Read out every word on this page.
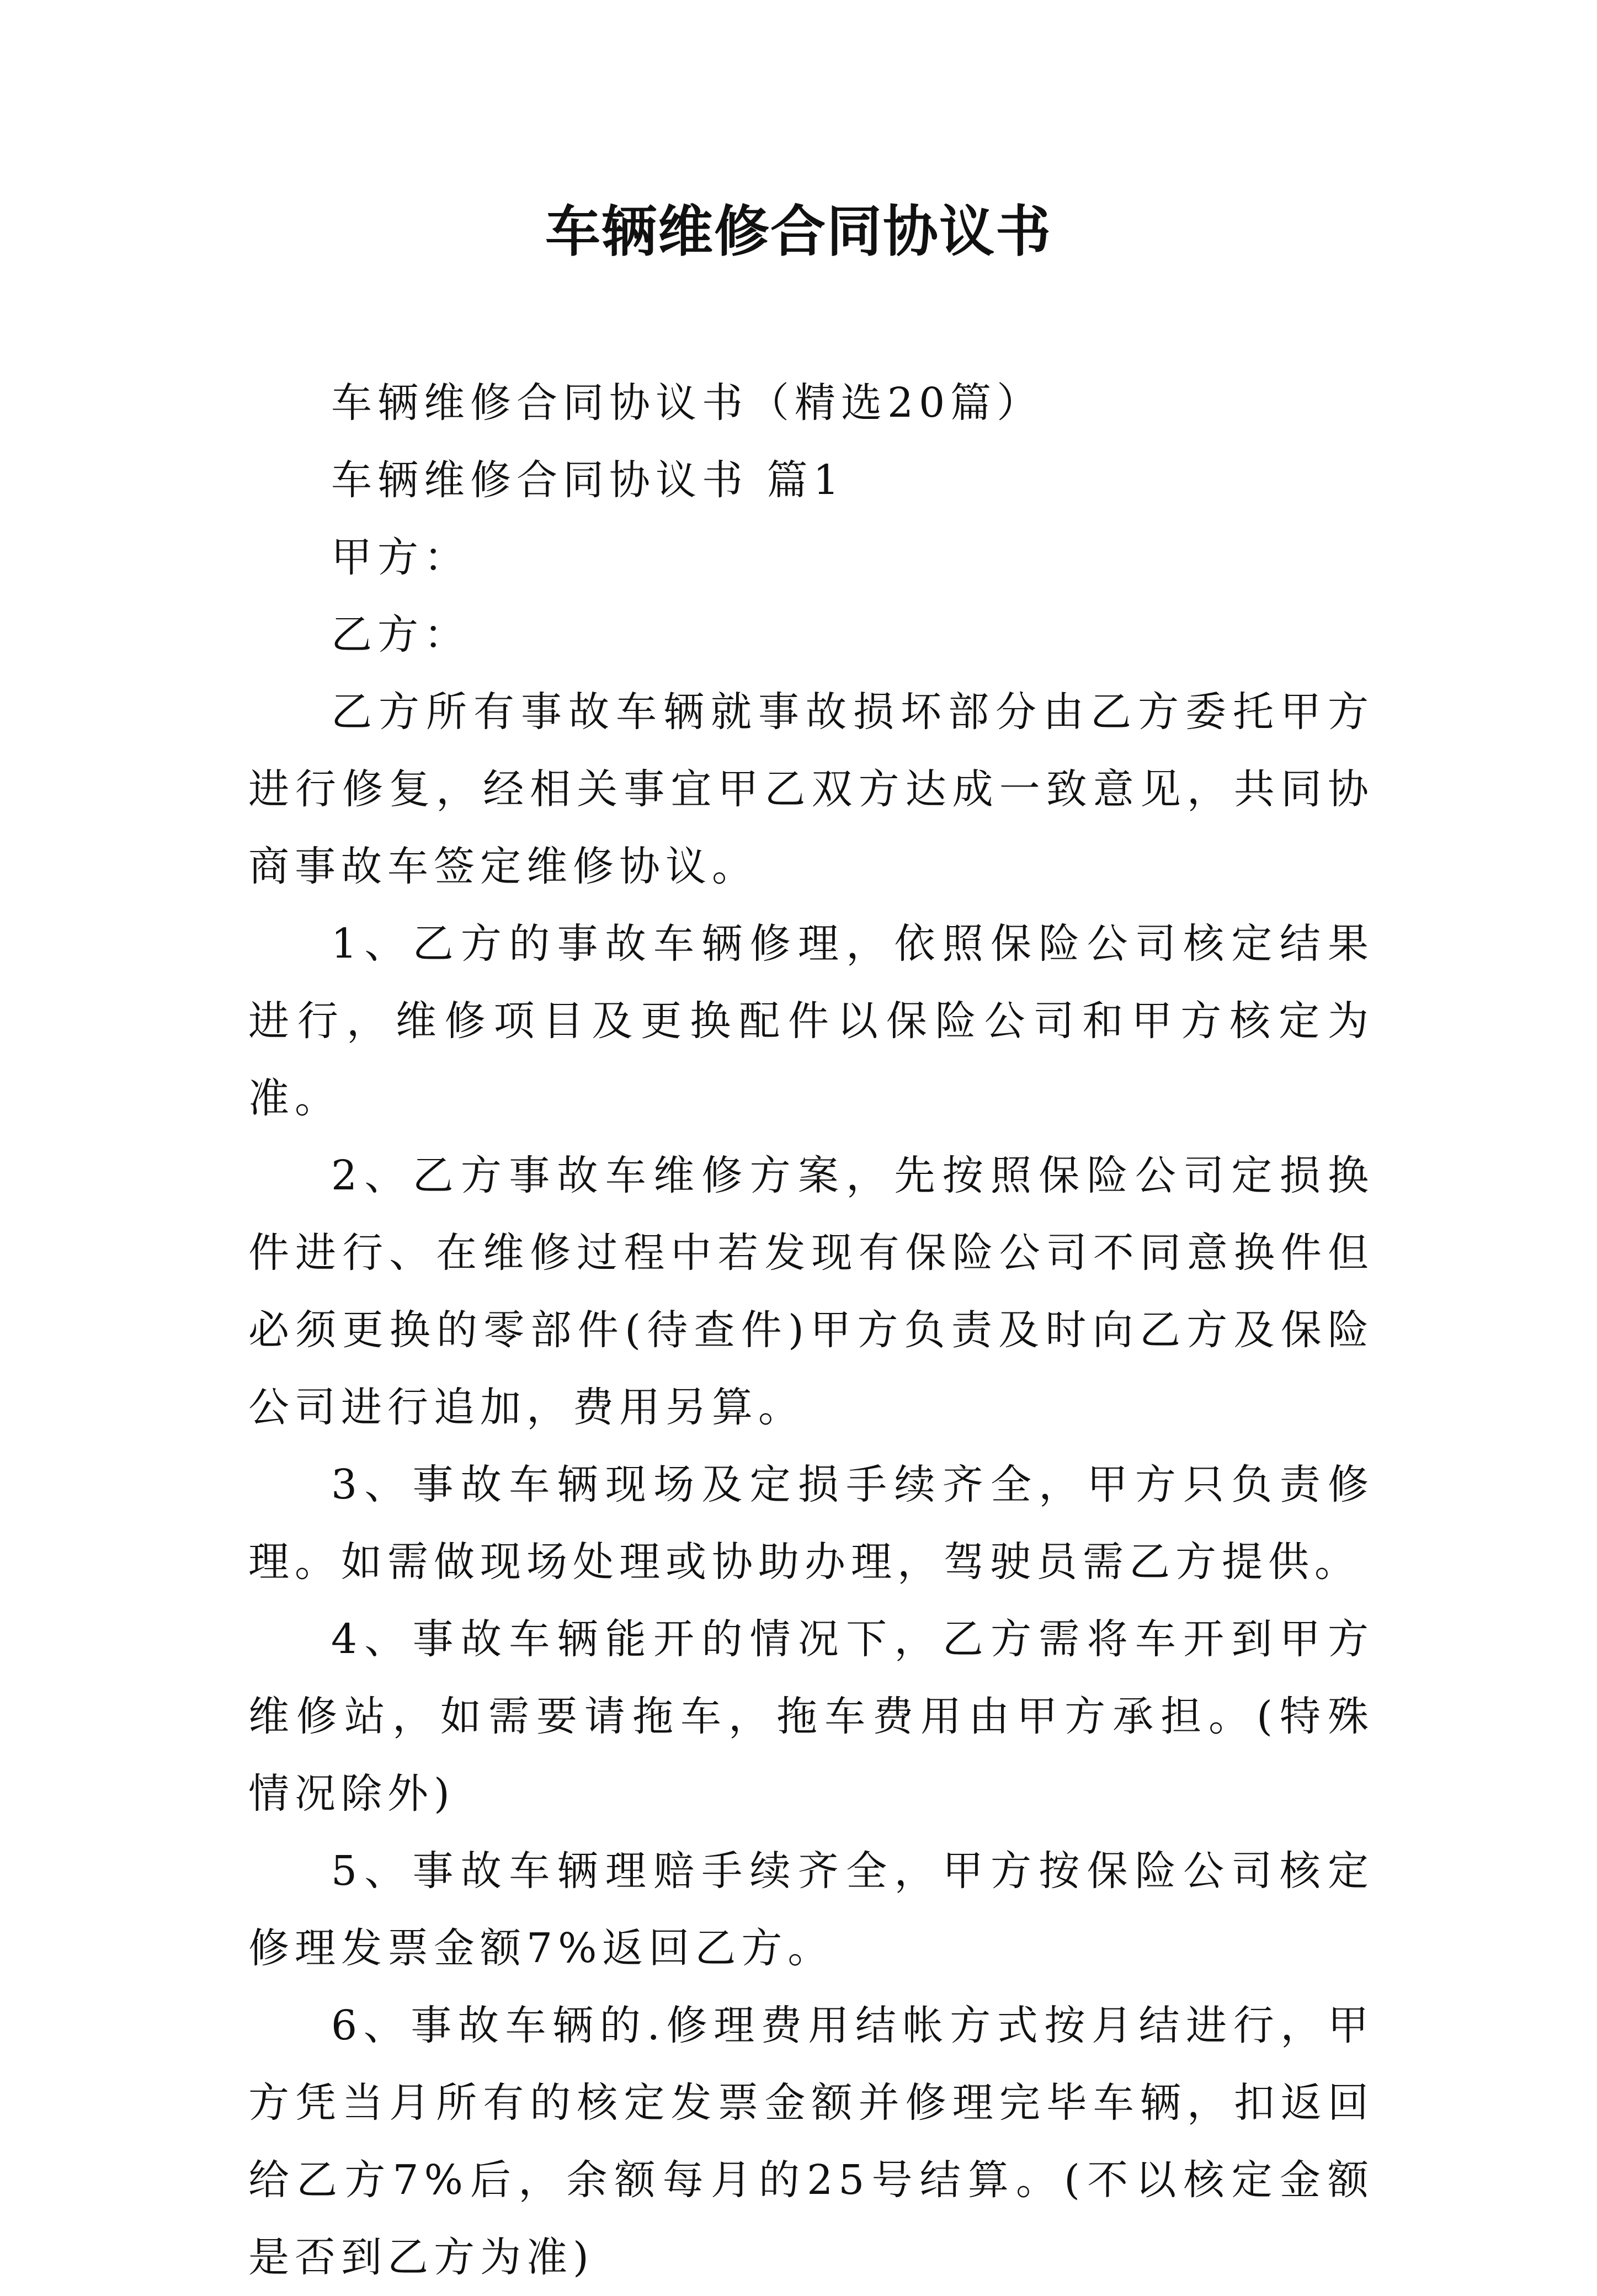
车辆维修合同协议书

车辆维修合同协议书（精选20篇）

车辆维修合同协议书 篇1

甲方：

乙方：

乙方所有事故车辆就事故损坏部分由乙方委托甲方进行修复，经相关事宜甲乙双方达成一致意见，共同协商事故车签定维修协议。

1、乙方的事故车辆修理，依照保险公司核定结果进行，维修项目及更换配件以保险公司和甲方核定为准。

2、乙方事故车维修方案，先按照保险公司定损换件进行、在维修过程中若发现有保险公司不同意换件但必须更换的零部件(待查件)甲方负责及时向乙方及保险公司进行追加，费用另算。

3、事故车辆现场及定损手续齐全，甲方只负责修理。如需做现场处理或协助办理，驾驶员需乙方提供。

4、事故车辆能开的情况下，乙方需将车开到甲方维修站，如需要请拖车，拖车费用由甲方承担。(特殊情况除外)

5、事故车辆理赔手续齐全，甲方按保险公司核定修理发票金额7%返回乙方。

6、事故车辆的.修理费用结帐方式按月结进行，甲方凭当月所有的核定发票金额并修理完毕车辆，扣返回给乙方7%后，余额每月的25号结算。(不以核定金额是否到乙方为准)
